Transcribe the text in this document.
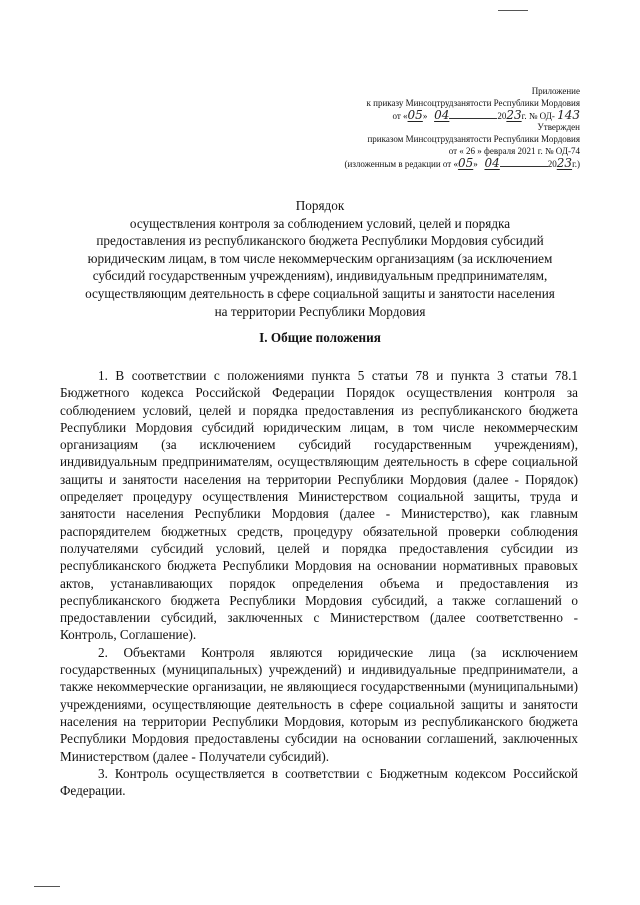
Приложение
к приказу Минсоцтрудзанятости Республики Мордовия
от «05» 04	2023г. № ОД- 143
Утвержден
приказом Минсоцтрудзанятости Республики Мордовия
от « 26 » февраля 2021 г. № ОД-74
(изложенным в редакции от «05» 04	2023г.)

Порядок

осуществления контроля за соблюдением условий, целей и порядка

предоставления из республиканского бюджета Республики Мордовия субсидий

юридическим лицам, в том числе некоммерческим организациям (за исключением

субсидий государственным учреждениям), индивидуальным предпринимателям,

осуществляющим деятельность в сфере социальной защиты и занятости населения

на территории Республики Мордовия

I. Общие положения

1. В соответствии с положениями пункта 5 статьи 78 и пункта 3 статьи 78.1 Бюджетного кодекса Российской Федерации Порядок осуществления контроля за соблюдением условий, целей и порядка предоставления из республиканского бюджета Республики Мордовия субсидий юридическим лицам, в том числе некоммерческим организациям (за исключением субсидий государственным учреждениям), индивидуальным предпринимателям, осуществляющим деятельность в сфере социальной защиты и занятости населения на территории Республики Мордовия (далее - Порядок) определяет процедуру осуществления Министерством социальной защиты, труда и занятости населения Республики Мордовия (далее - Министерство), как главным распорядителем бюджетных средств, процедуру обязательной проверки соблюдения получателями субсидий условий, целей и порядка предоставления субсидии из республиканского бюджета Республики Мордовия на основании нормативных правовых актов, устанавливающих порядок определения объема и предоставления из республиканского бюджета Республики Мордовия субсидий, а также соглашений о предоставлении субсидий, заключенных с Министерством (далее соответственно - Контроль, Соглашение).

2. Объектами Контроля являются юридические лица (за исключением государственных (муниципальных) учреждений) и индивидуальные предприниматели, а также некоммерческие организации, не являющиеся государственными (муниципальными) учреждениями, осуществляющие деятельность в сфере социальной защиты и занятости населения на территории Республики Мордовия, которым из республиканского бюджета Республики Мордовия предоставлены субсидии на основании соглашений, заключенных Министерством (далее - Получатели субсидий).

3. Контроль осуществляется в соответствии с Бюджетным кодексом Российской Федерации.
